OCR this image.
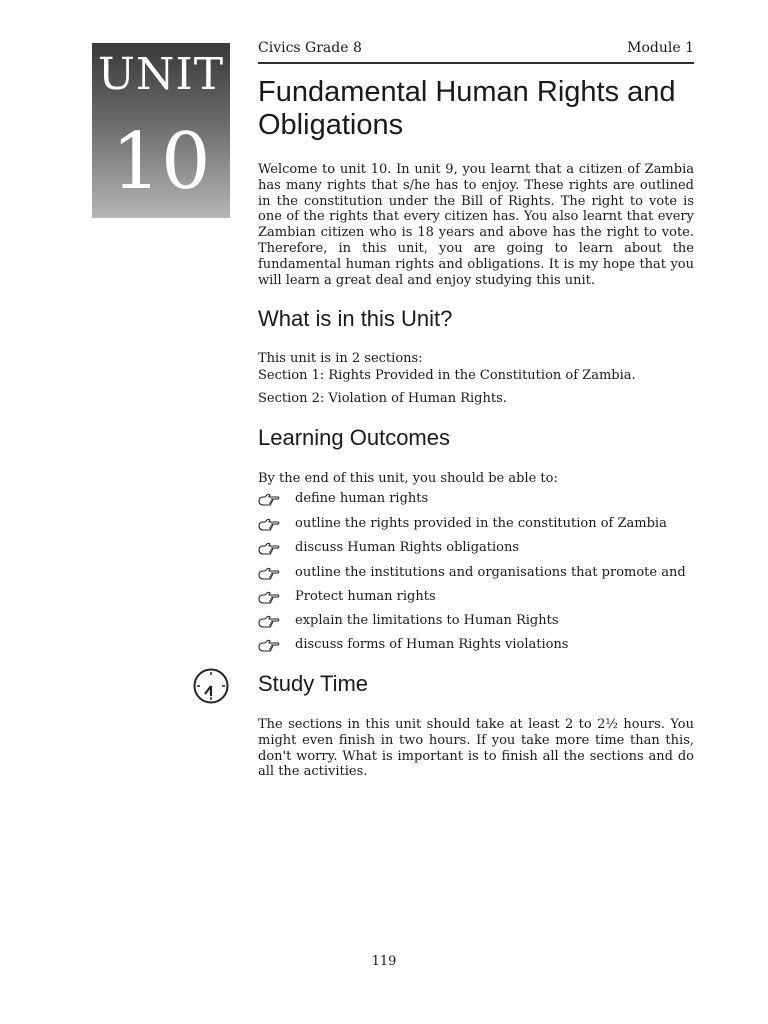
UNIT
10
Civics Grade 8	Module 1
Fundamental Human Rights and Obligations

Welcome to unit 10. In unit 9, you learnt that a citizen of Zambia has many rights that s/he has to enjoy. These rights are outlined in the constitution under the Bill of Rights. The right to vote is one of the rights that every citizen has. You also learnt that every Zambian citizen who is 18 years and above has the right to vote. Therefore, in this unit, you are going to learn about the fundamental human rights and obligations. It is my hope that you will learn a great deal and enjoy studying this unit.

What is in this Unit?

This unit is in 2 sections:

Section 1: Rights Provided in the Constitution of Zambia.

Section 2: Violation of Human Rights.

Learning Outcomes

By the end of this unit, you should be able to:

define human rights
outline the rights provided in the constitution of Zambia
discuss Human Rights obligations
outline the institutions and organisations that promote and
Protect human rights
explain the limitations to Human Rights
discuss forms of Human Rights violations
Study Time

The sections in this unit should take at least 2 to 2½ hours. You might even finish in two hours. If you take more time than this, don't worry. What is important is to finish all the sections and do all the activities.

119
